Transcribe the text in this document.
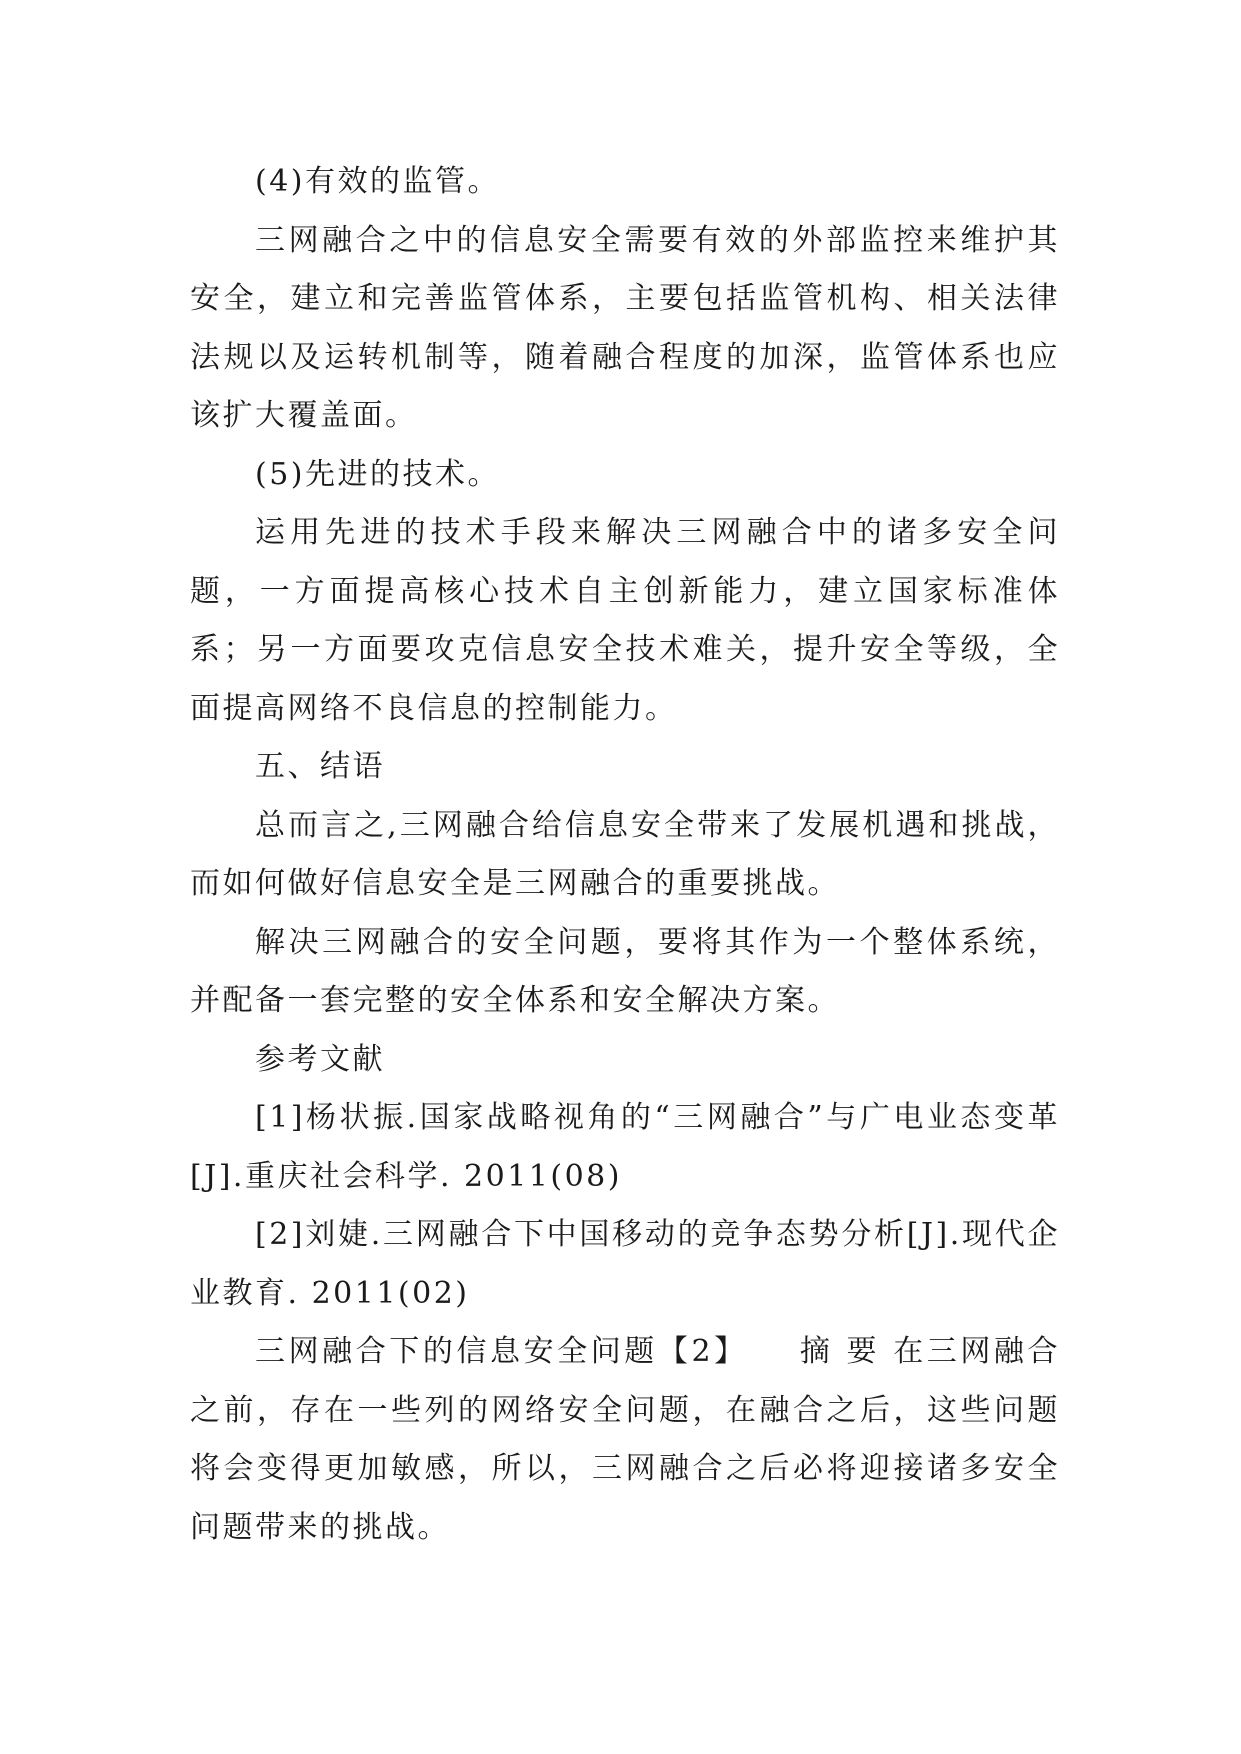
(4)有效的监管。

三网融合之中的信息安全需要有效的外部监控来维护其安全，建立和完善监管体系，主要包括监管机构、相关法律法规以及运转机制等，随着融合程度的加深，监管体系也应该扩大覆盖面。

(5)先进的技术。

运用先进的技术手段来解决三网融合中的诸多安全问题，一方面提高核心技术自主创新能力，建立国家标准体系；另一方面要攻克信息安全技术难关，提升安全等级，全面提高网络不良信息的控制能力。

五、结语

总而言之,三网融合给信息安全带来了发展机遇和挑战，而如何做好信息安全是三网融合的重要挑战。

解决三网融合的安全问题，要将其作为一个整体系统，并配备一套完整的安全体系和安全解决方案。

参考文献

[1]杨状振.国家战略视角的“三网融合”与广电业态变革[J].重庆社会科学. 2011(08)

[2]刘婕.三网融合下中国移动的竞争态势分析[J].现代企业教育. 2011(02)

三网融合下的信息安全问题【2】　　摘 要 在三网融合之前，存在一些列的网络安全问题，在融合之后，这些问题将会变得更加敏感，所以，三网融合之后必将迎接诸多安全问题带来的挑战。
